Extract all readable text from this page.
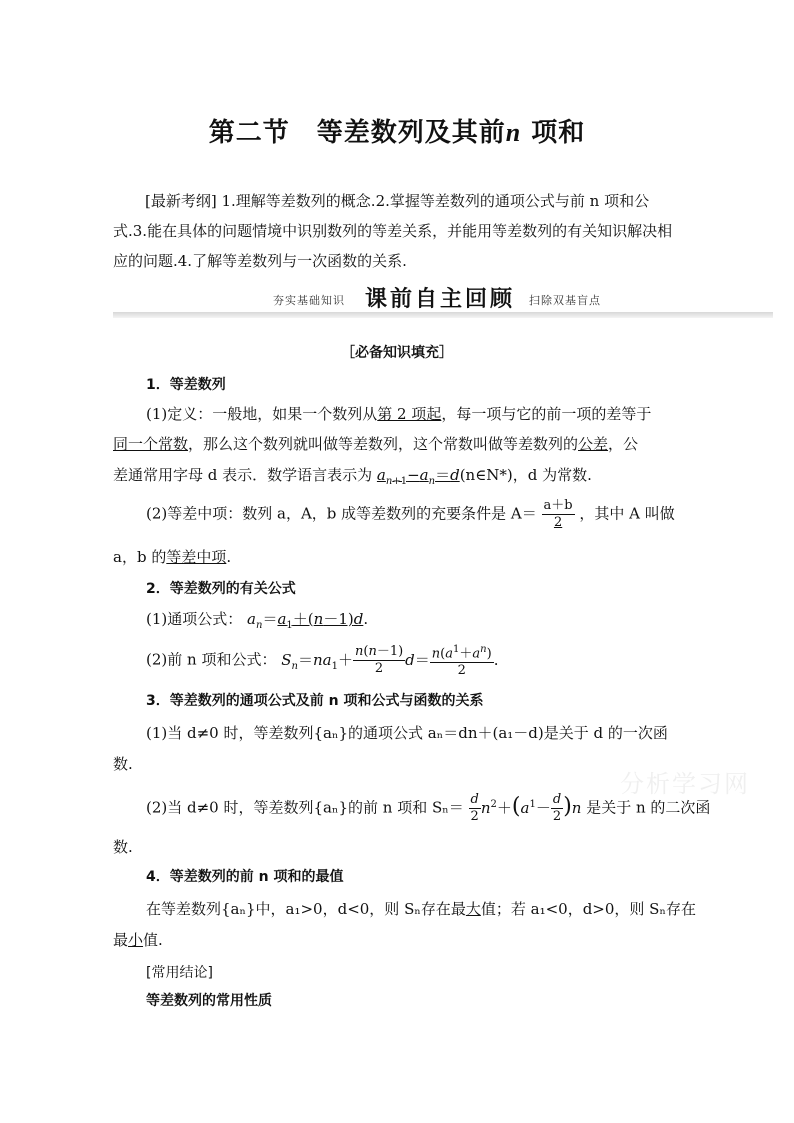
第二节　等差数列及其前n 项和
[最新考纲] 1.理解等差数列的概念.2.掌握等差数列的通项公式与前 n 项和公式.3.能在具体的问题情境中识别数列的等差关系，并能用等差数列的有关知识解决相应的问题.4.了解等差数列与一次函数的关系.
夯实基础知识 课前自主回顾 扫除双基盲点
［必备知识填充］
1．等差数列
(1)定义：一般地，如果一个数列从第 2 项起，每一项与它的前一项的差等于
同一个常数，那么这个数列就叫做等差数列，这个常数叫做等差数列的公差，公
差通常用字母 d 表示．数学语言表示为 $a_{n+1}-a_n=d(n\in N*)$，d 为常数.
(2)等差中项：数列 a，A，b 成等差数列的充要条件是 $A= \frac{a+b}{2}$ ，其中 A 叫做
a，b 的等差中项.
2．等差数列的有关公式
(1)通项公式： $a_n=a_1+(n-1)d$.
(2)前 n 项和公式： $S_n=na_1+ \frac{n(n-1)}{2} d= \frac{n(a^1+a^n)}{2}$ .
3．等差数列的通项公式及前 n 项和公式与函数的关系
(1)当 d≠0 时，等差数列{aₙ}的通项公式 aₙ＝dn＋(a₁－d)是关于 d 的一次函
数.
(2)当 d≠0 时，等差数列{aₙ}的前 n 项和 $S_n= \frac{d}{2} n^2+(a^1- \frac{d}{2} )n$ 是关于 n 的二次函
数.
4．等差数列的前 n 项和的最值
在等差数列{aₙ}中，a₁>0，d<0，则 Sₙ存在最大值；若 a₁<0，d>0，则 Sₙ存在
最小值.
[常用结论]
等差数列的常用性质
分析学习网
